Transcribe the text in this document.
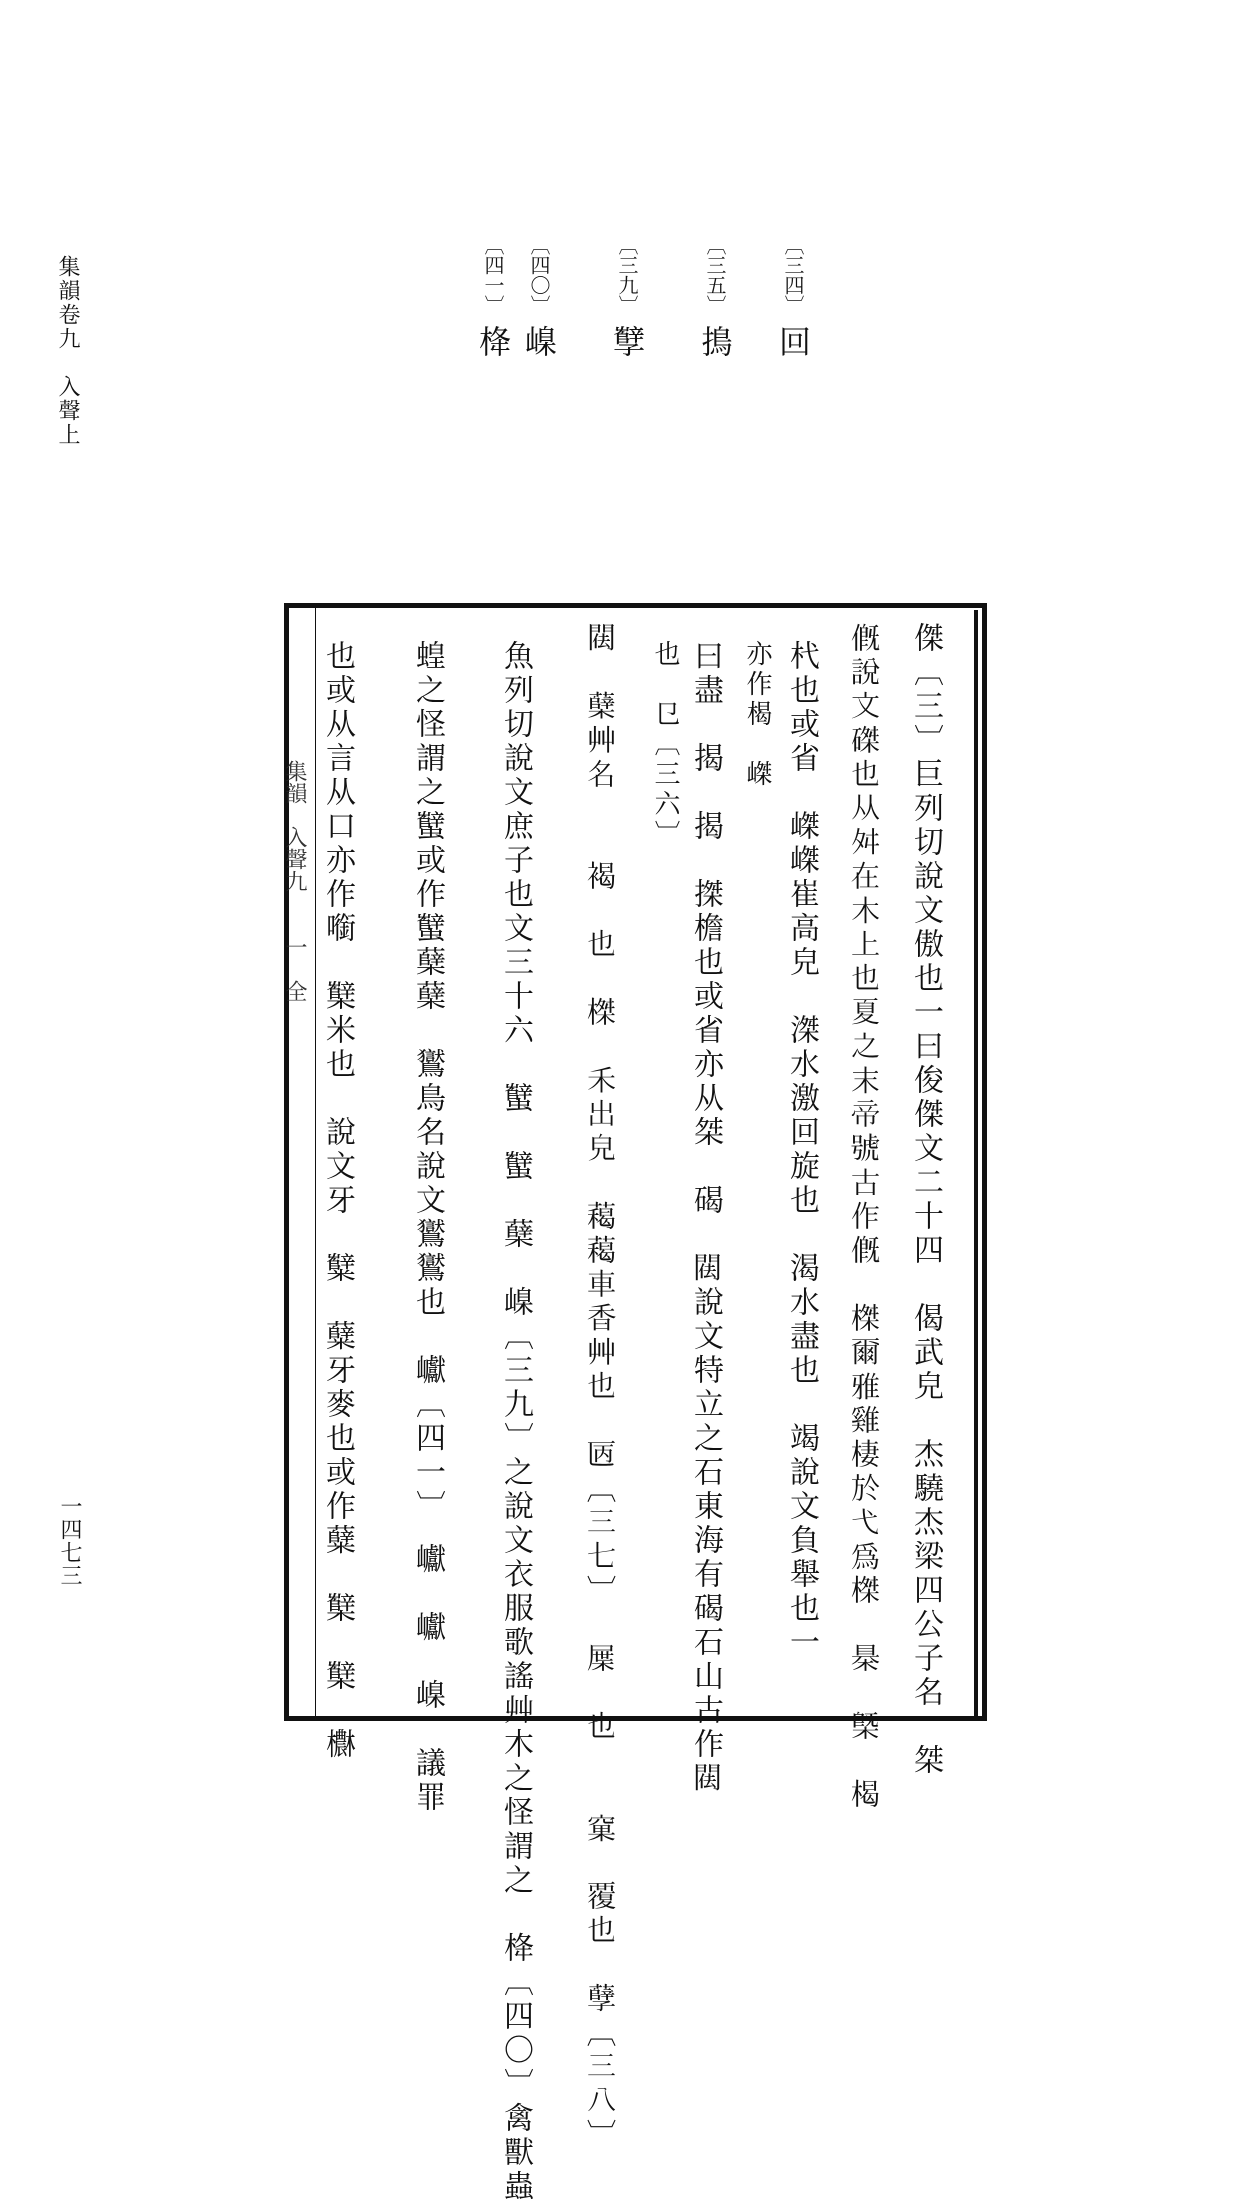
集韻卷九　入聲上
一四七三
〔三四〕回
〔三五〕㨶
〔三九〕孼
〔四〇〕嵲
〔四一〕栙
集韻　入聲九　　一　全	傑〔三〕巨列切說文傲也一曰俊傑文二十四　偈武皃　杰驍杰梁四公子名　桀
𠌰說文磔也从舛在木上也夏之末帝號古作𠌰　榤爾雅雞棲於弋爲榤　㮂　㮣　楬
杙也或省　嵥嵥崔高皃　滐水激回旋也　渴水盡也　竭說文負舉也一
亦作楬　嵥　　　　　　　　　　　　　　　　　　　　　　　　　　　　
曰盡　揭　揭　搩檐也或省亦从桀　碣　𨴿說文特立之石東海有碣石山古作𨴿
也　㔾〔三六〕　　　　　　　　　　　　　　　　　　　　　　　　　　
𨴿　蘖艸名　　褐　也　榤　禾出皃　藒藒車香艸也　㔷〔三七〕　屟　也　　窠　覆也　孽〔三八〕
魚列切說文庶子也文三十六　蠥　蠥　蘖　嵲〔三九〕之說文衣服歌謠艸木之怪謂之　栙〔四〇〕禽獸蟲
蝗之怪謂之蠥或作蠥蘖蘖　鸑鳥名說文鸑鸑也　巘〔四一〕　巘　巘　嵲　議罪
也或从言从口亦作㘅　櫱米也　說文牙　糱　糵牙麥也或作糵　櫱　櫱　欁
